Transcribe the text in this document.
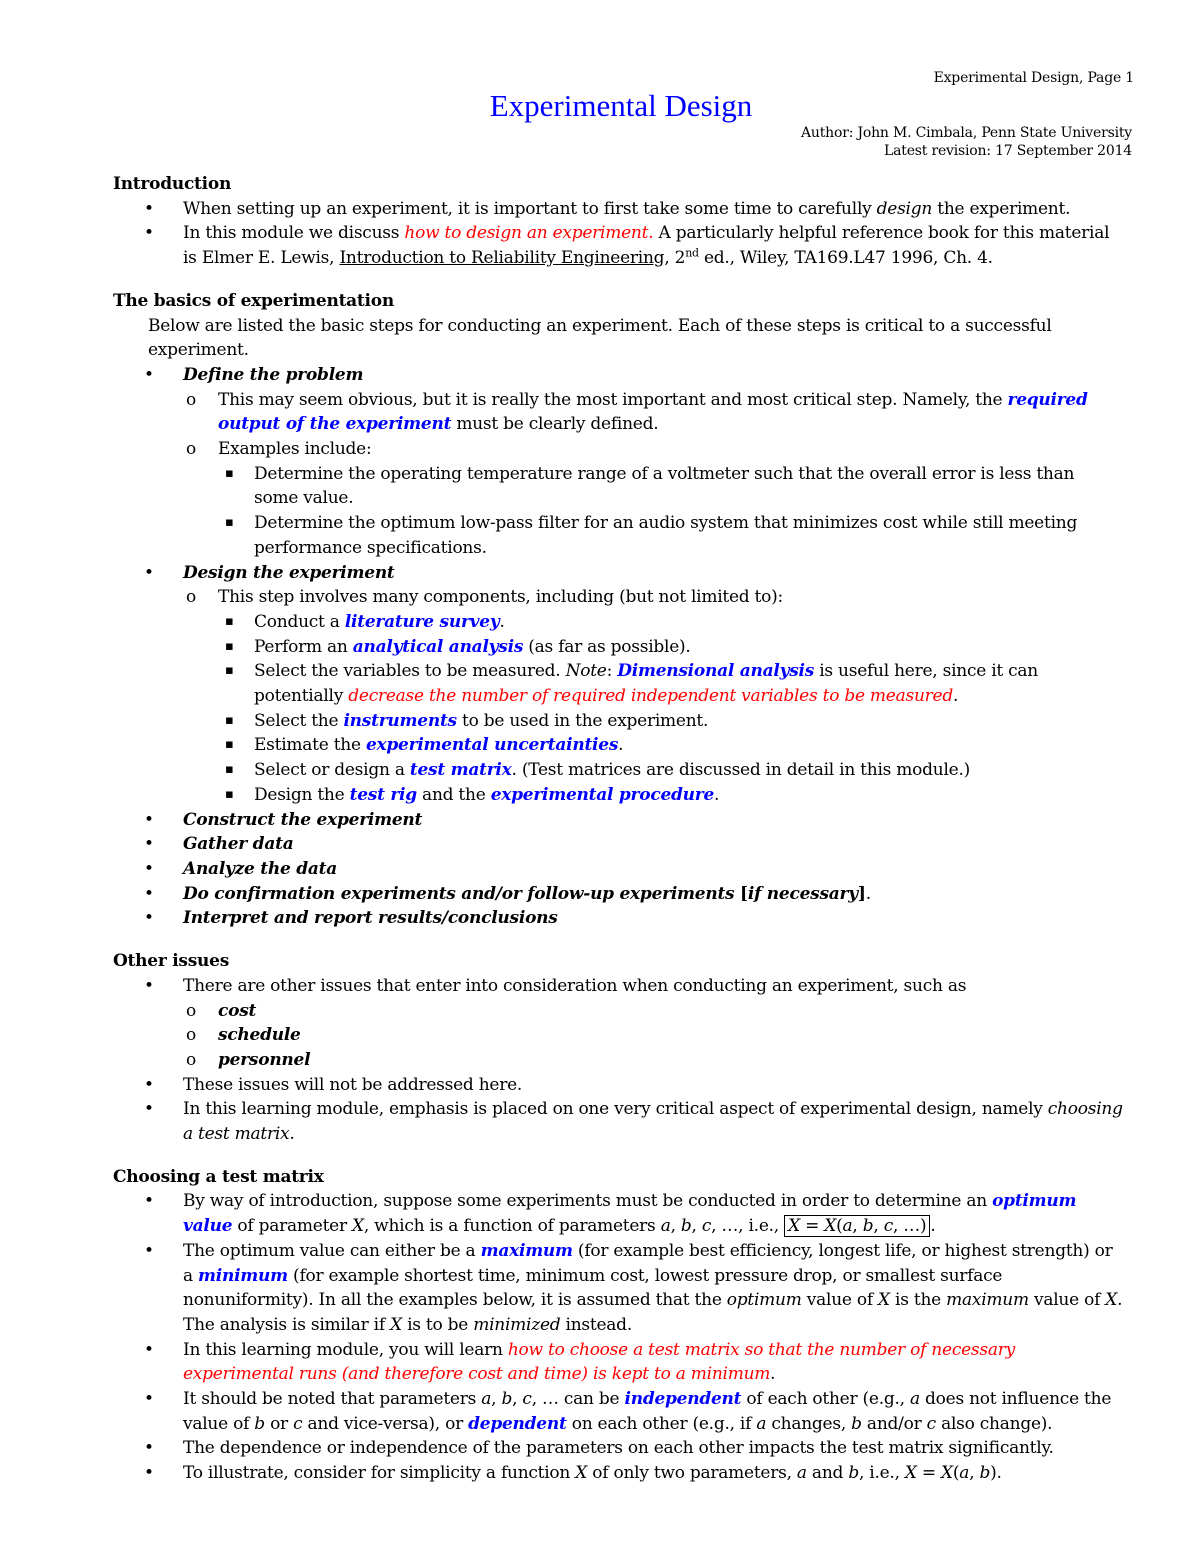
Experimental Design, Page 1
Experimental Design
Author: John M. Cimbala, Penn State University
Latest revision: 17 September 2014
Introduction
• When setting up an experiment, it is important to first take some time to carefully design the experiment.
• In this module we discuss how to design an experiment. A particularly helpful reference book for this material is Elmer E. Lewis, Introduction to Reliability Engineering, 2nd ed., Wiley, TA169.L47 1996, Ch. 4.
The basics of experimentation
Below are listed the basic steps for conducting an experiment. Each of these steps is critical to a successful experiment.
• Define the problem
o This may seem obvious, but it is really the most important and most critical step. Namely, the required output of the experiment must be clearly defined.
o Examples include:
▪ Determine the operating temperature range of a voltmeter such that the overall error is less than some value.
▪ Determine the optimum low-pass filter for an audio system that minimizes cost while still meeting performance specifications.
• Design the experiment
o This step involves many components, including (but not limited to):
▪ Conduct a literature survey.
▪ Perform an analytical analysis (as far as possible).
▪ Select the variables to be measured. Note: Dimensional analysis is useful here, since it can potentially decrease the number of required independent variables to be measured.
▪ Select the instruments to be used in the experiment.
▪ Estimate the experimental uncertainties.
▪ Select or design a test matrix. (Test matrices are discussed in detail in this module.)
▪ Design the test rig and the experimental procedure.
• Construct the experiment
• Gather data
• Analyze the data
• Do confirmation experiments and/or follow-up experiments [if necessary].
• Interpret and report results/conclusions
Other issues
• There are other issues that enter into consideration when conducting an experiment, such as
o cost
o schedule
o personnel
• These issues will not be addressed here.
• In this learning module, emphasis is placed on one very critical aspect of experimental design, namely choosing a test matrix.
Choosing a test matrix
• By way of introduction, suppose some experiments must be conducted in order to determine an optimum value of parameter X, which is a function of parameters a, b, c, …, i.e., X = X(a, b, c, …) .
• The optimum value can either be a maximum (for example best efficiency, longest life, or highest strength) or a minimum (for example shortest time, minimum cost, lowest pressure drop, or smallest surface nonuniformity). In all the examples below, it is assumed that the optimum value of X is the maximum value of X. The analysis is similar if X is to be minimized instead.
• In this learning module, you will learn how to choose a test matrix so that the number of necessary experimental runs (and therefore cost and time) is kept to a minimum.
• It should be noted that parameters a, b, c, … can be independent of each other (e.g., a does not influence the value of b or c and vice-versa), or dependent on each other (e.g., if a changes, b and/or c also change).
• The dependence or independence of the parameters on each other impacts the test matrix significantly.
• To illustrate, consider for simplicity a function X of only two parameters, a and b, i.e., X = X(a, b).
